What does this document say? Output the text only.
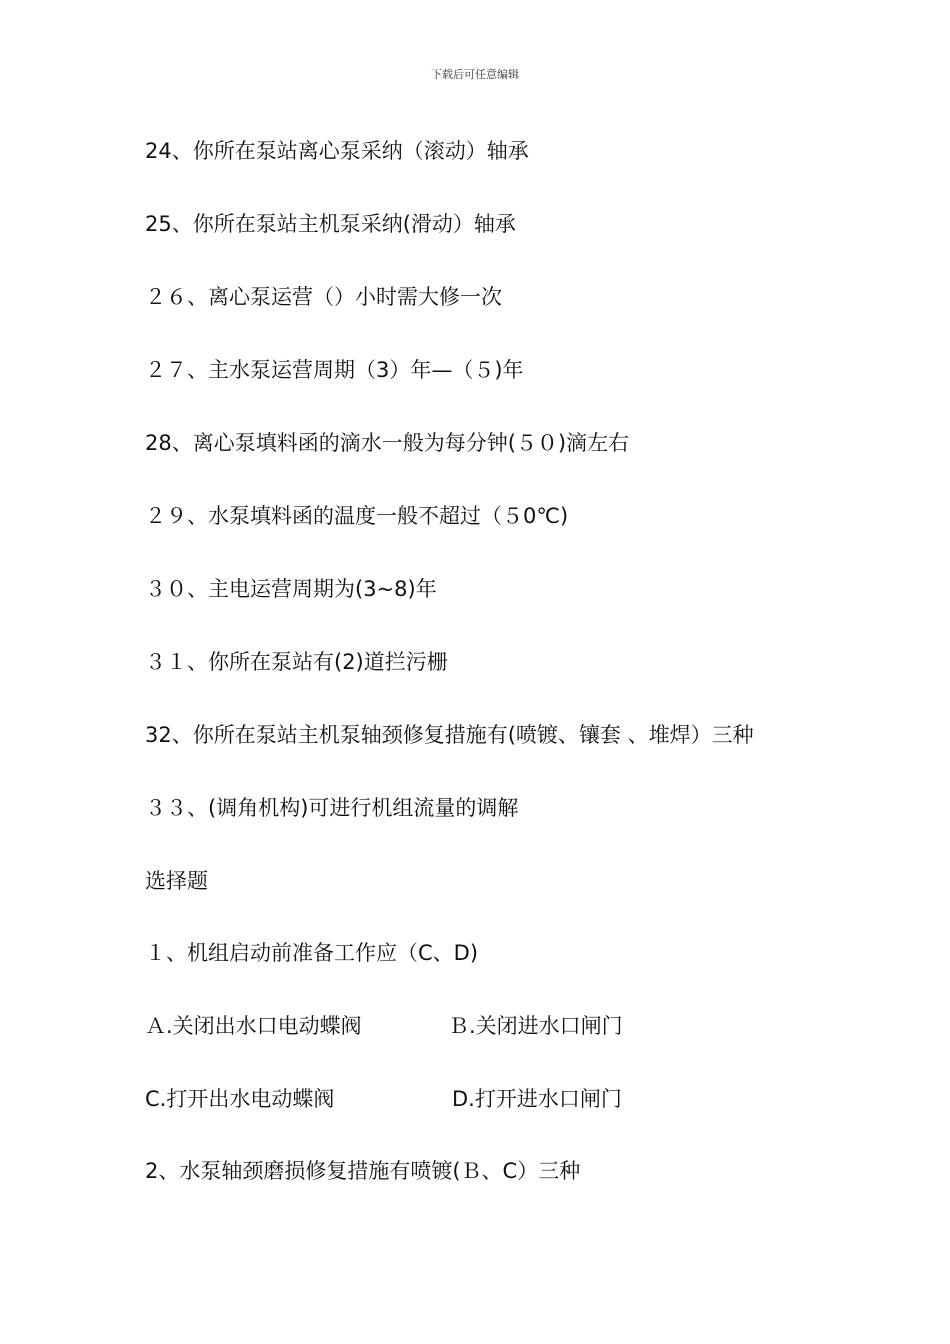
下载后可任意编辑
24、你所在泵站离心泵采纳（滚动）轴承
25、你所在泵站主机泵采纳(滑动）轴承
２６、离心泵运营（）小时需大修一次
２７、主水泵运营周期（3）年—（５)年
28、离心泵填料函的滴水一般为每分钟(５０)滴左右
２９、水泵填料函的温度一般不超过（５0℃)
３０、主电运营周期为(3~8)年
３１、你所在泵站有(2)道拦污栅
32、你所在泵站主机泵轴颈修复措施有(喷镀、镶套 、堆焊）三种
３３、(调角机构)可进行机组流量的调解
选择题
１、机组启动前准备工作应（C、D)
Ａ.关闭出水口电动蝶阀	Ｂ.关闭进水口闸门
C.打开出水电动蝶阀	D.打开进水口闸门
2、水泵轴颈磨损修复措施有喷镀(Ｂ、C）三种
